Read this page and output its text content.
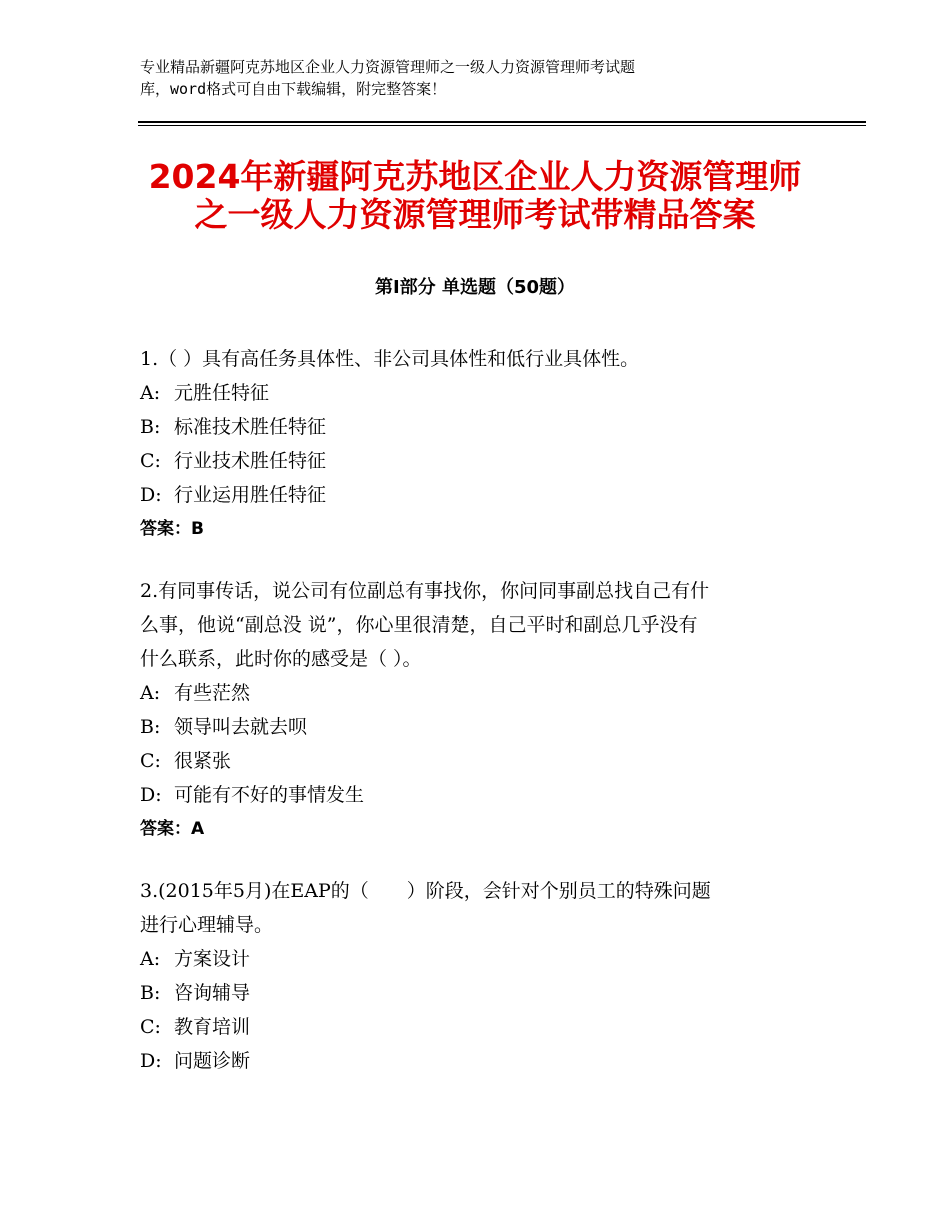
专业精品新疆阿克苏地区企业人力资源管理师之一级人力资源管理师考试题
库，word格式可自由下载编辑，附完整答案！
2024年新疆阿克苏地区企业人力资源管理师
之一级人力资源管理师考试带精品答案
第Ⅰ部分 单选题（50题）
1.（ ）具有高任务具体性、非公司具体性和低行业具体性。
A: 元胜任特征
B: 标准技术胜任特征
C: 行业技术胜任特征
D: 行业运用胜任特征
答案：B
2.有同事传话，说公司有位副总有事找你，你问同事副总找自己有什
么事，他说“副总没 说”，你心里很清楚，自己平时和副总几乎没有
什么联系，此时你的感受是（ ）。
A: 有些茫然
B: 领导叫去就去呗
C: 很紧张
D: 可能有不好的事情发生
答案：A
3.(2015年5月)在EAP的（　　）阶段，会针对个别员工的特殊问题
进行心理辅导。
A: 方案设计
B: 咨询辅导
C: 教育培训
D: 问题诊断
